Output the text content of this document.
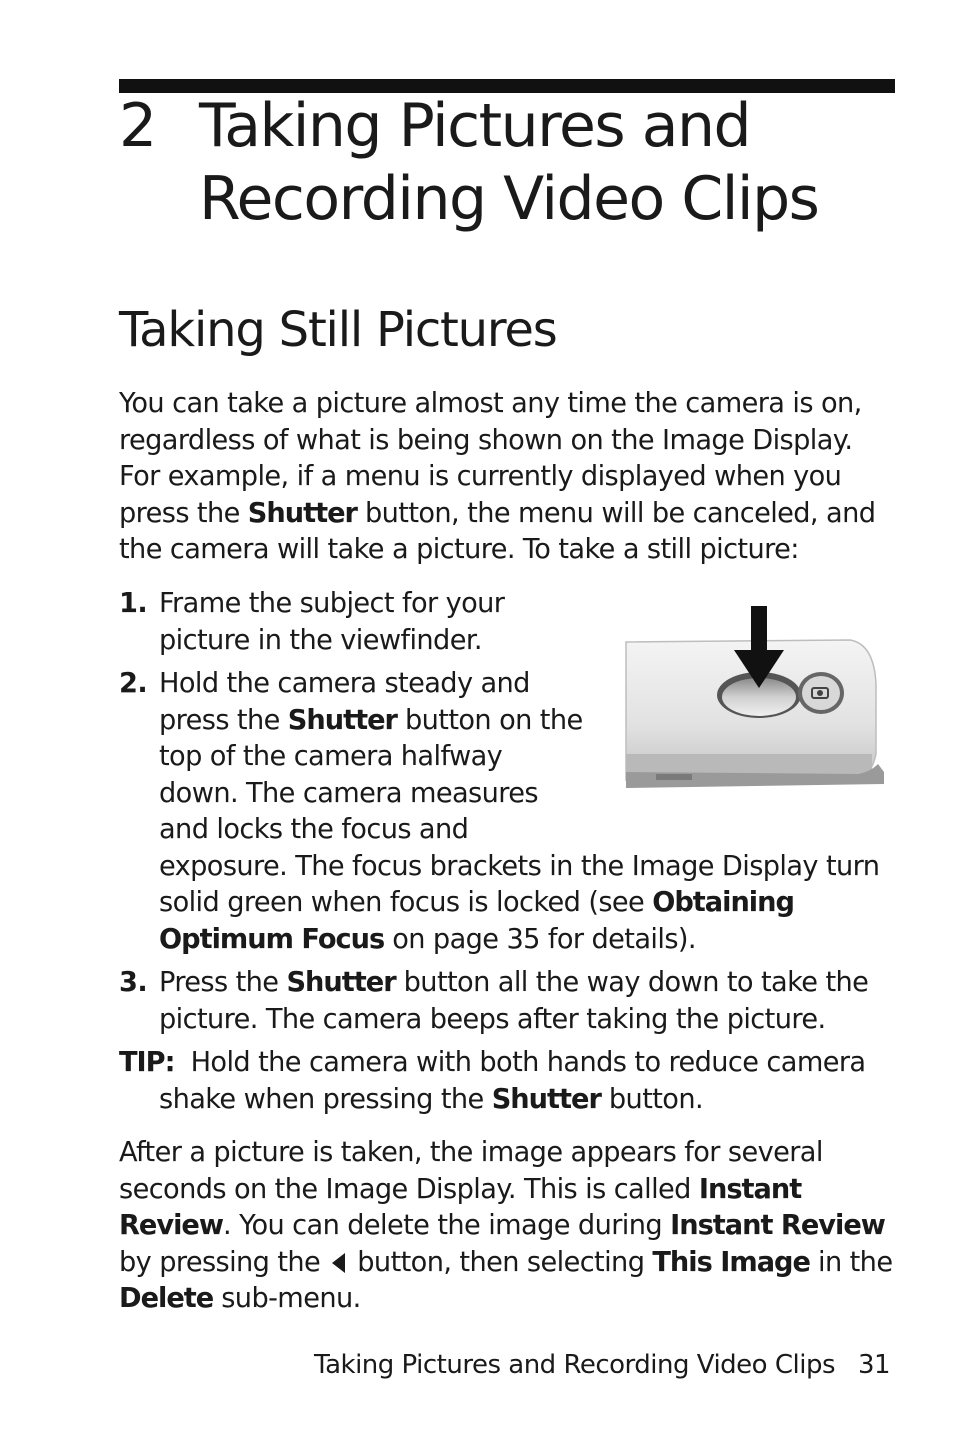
2 Taking Pictures and
Recording Video Clips
Taking Still Pictures

You can take a picture almost any time the camera is on, regardless of what is being shown on the Image Display. For example, if a menu is currently displayed when you press the Shutter button, the menu will be canceled, and the camera will take a picture. To take a still picture:

1. Frame the subject for your picture in the viewfinder.

2. Hold the camera steady and press the Shutter button on the top of the camera halfway down. The camera measures and locks the focus and exposure. The focus brackets in the Image Display turn solid green when focus is locked (see Obtaining Optimum Focus on page 35 for details).

3. Press the Shutter button all the way down to take the picture. The camera beeps after taking the picture.

TIP: Hold the camera with both hands to reduce camera shake when pressing the Shutter button.

After a picture is taken, the image appears for several seconds on the Image Display. This is called Instant Review. You can delete the image during Instant Review by pressing the  button, then selecting This Image in the Delete sub-menu.

Taking Pictures and Recording Video Clips 31
